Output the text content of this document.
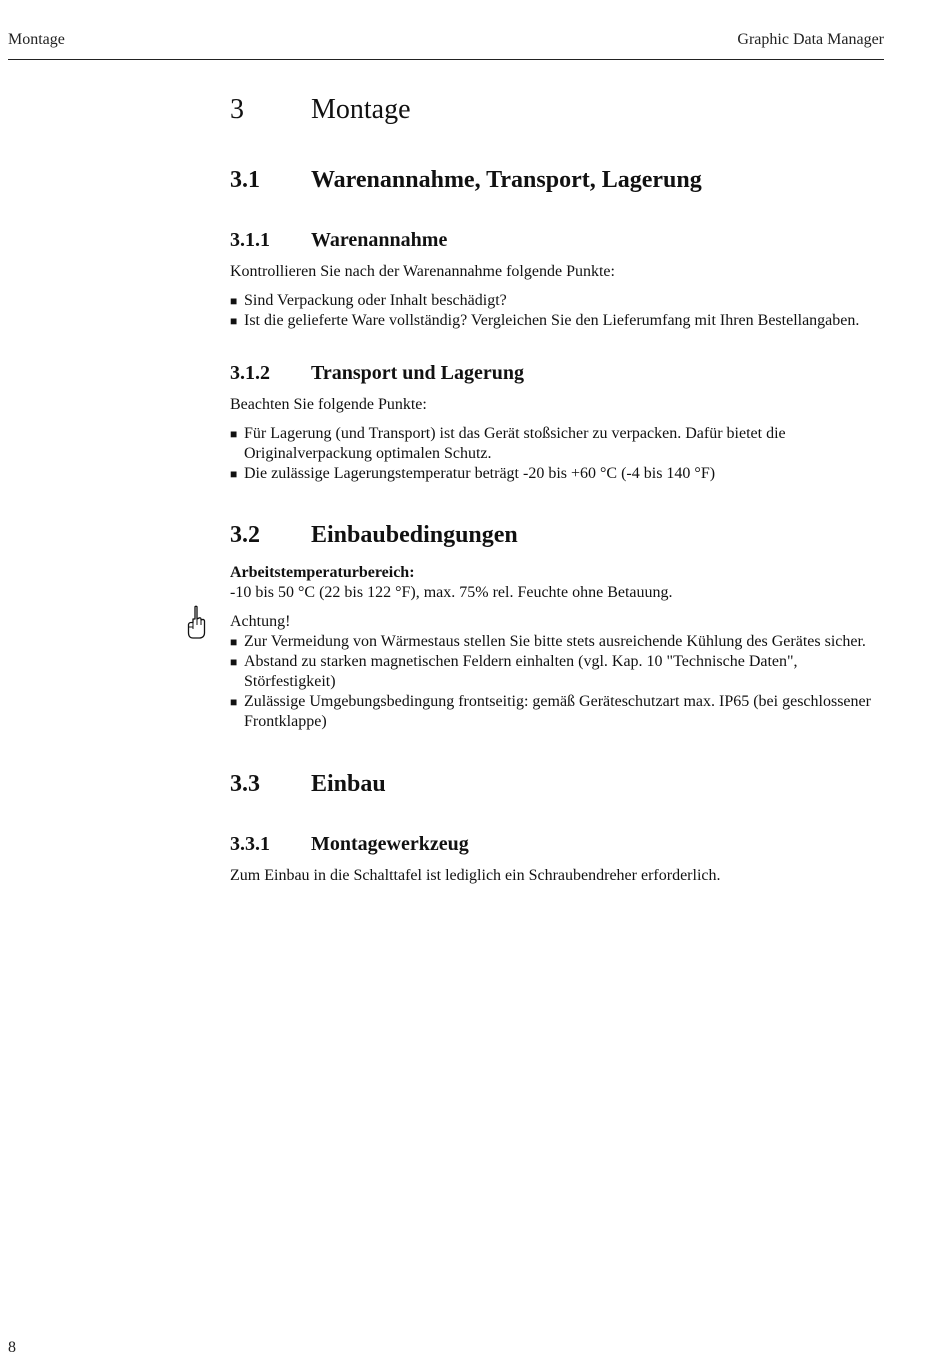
Montage	Graphic Data Manager
3 Montage
3.1 Warenannahme, Transport, Lagerung
3.1.1 Warenannahme

Kontrollieren Sie nach der Warenannahme folgende Punkte:

■ Sind Verpackung oder Inhalt beschädigt?
■ Ist die gelieferte Ware vollständig? Vergleichen Sie den Lieferumfang mit Ihren Bestellangaben.
3.1.2 Transport und Lagerung

Beachten Sie folgende Punkte:

■ Für Lagerung (und Transport) ist das Gerät stoßsicher zu verpacken. Dafür bietet die Originalverpackung optimalen Schutz.
■ Die zulässige Lagerungstemperatur beträgt -20 bis +60 °C (-4 bis 140 °F)
3.2 Einbaubedingungen

Arbeitstemperaturbereich:

-10 bis 50 °C (22 bis 122 °F), max. 75% rel. Feuchte ohne Betauung.

Achtung!

■ Zur Vermeidung von Wärmestaus stellen Sie bitte stets ausreichende Kühlung des Gerätes sicher.
■ Abstand zu starken magnetischen Feldern einhalten (vgl. Kap. 10 "Technische Daten", Störfestigkeit)
■ Zulässige Umgebungsbedingung frontseitig: gemäß Geräteschutzart max. IP65 (bei geschlossener Frontklappe)
3.3 Einbau
3.3.1 Montagewerkzeug

Zum Einbau in die Schalttafel ist lediglich ein Schraubendreher erforderlich.

8
